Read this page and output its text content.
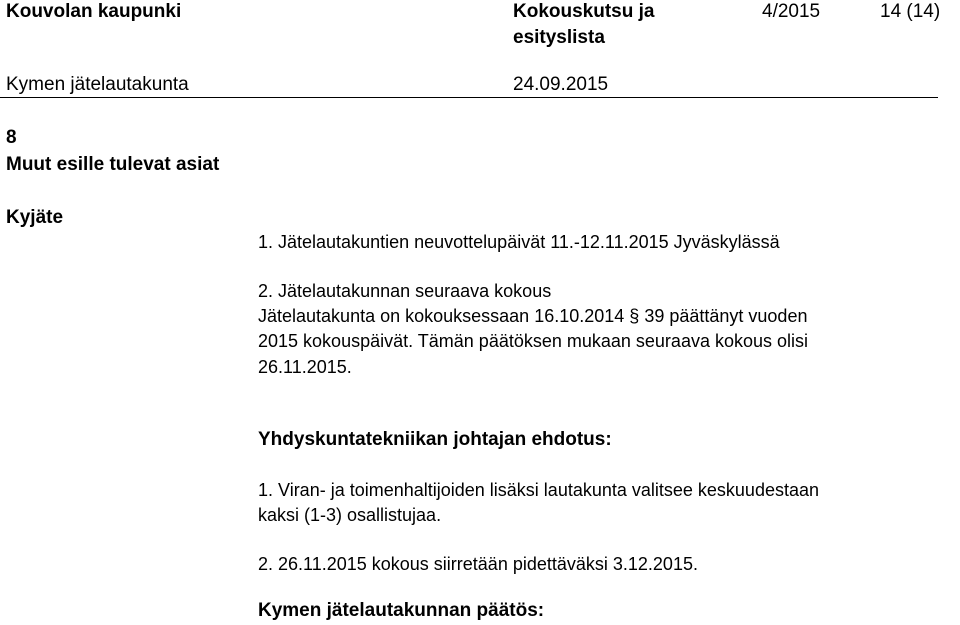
Kouvolan kaupunki	Kokouskutsu ja
esityslista
4/2015	14 (14)
Kymen jätelautakunta	24.09.2015
8
Muut esille tulevat asiat
Kyjäte
1. Jätelautakuntien neuvottelupäivät 11.-12.11.2015 Jyväskylässä
2. Jätelautakunnan seuraava kokous
Jätelautakunta on kokouksessaan 16.10.2014 § 39 päättänyt vuoden
2015 kokouspäivät. Tämän päätöksen mukaan seuraava kokous olisi
26.11.2015.
Yhdyskuntatekniikan johtajan ehdotus:
1. Viran- ja toimenhaltijoiden lisäksi lautakunta valitsee keskuudestaan
kaksi (1-3) osallistujaa.
2. 26.11.2015 kokous siirretään pidettäväksi 3.12.2015.
Kymen jätelautakunnan päätös:
